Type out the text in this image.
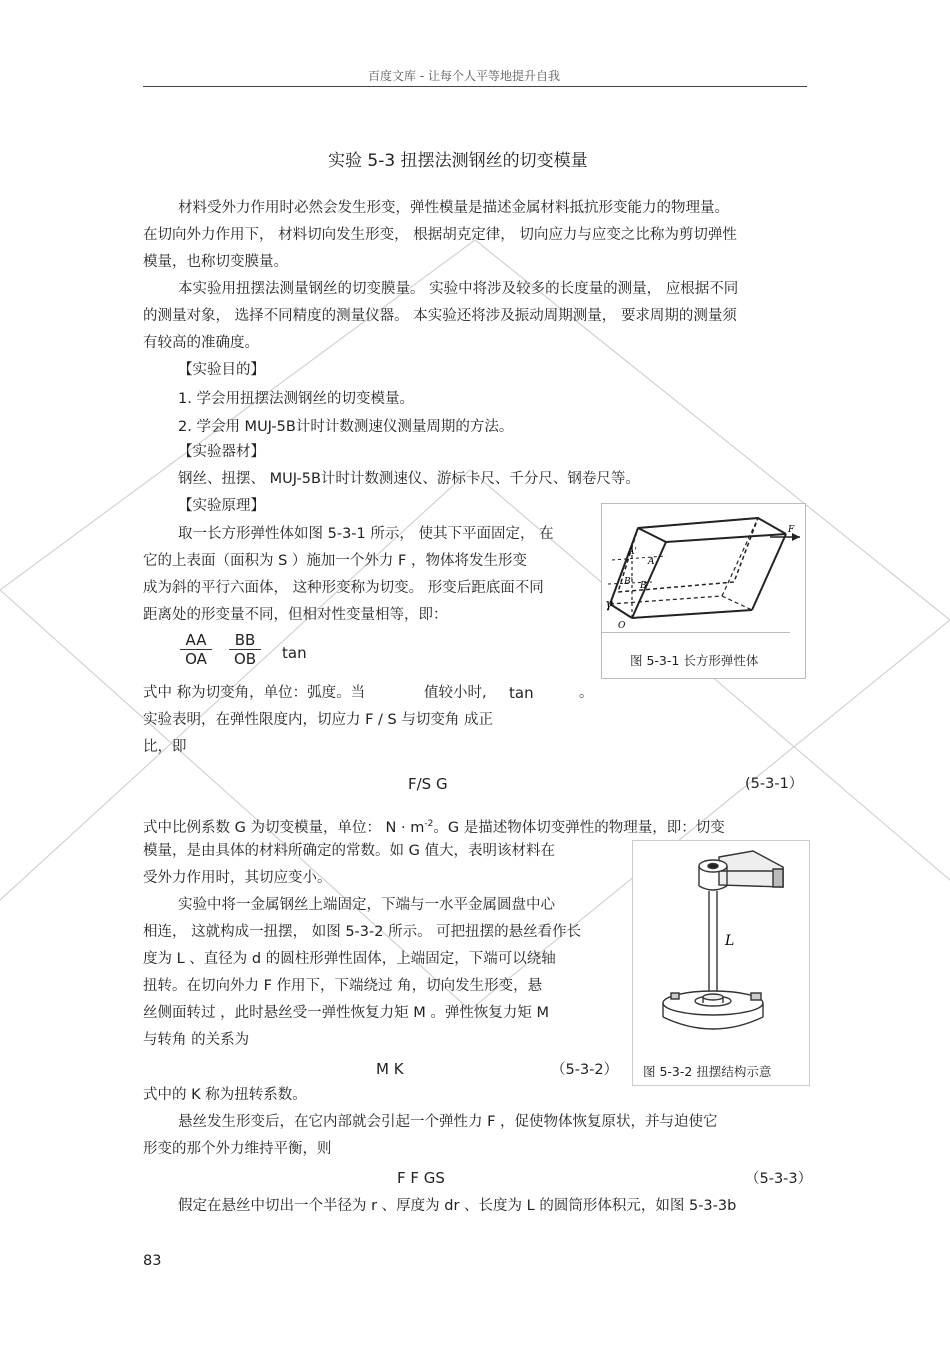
百度文库 - 让每个人平等地提升自我
实验 5-3 扭摆法测钢丝的切变模量
材料受外力作用时必然会发生形变，弹性模量是描述金属材料抵抗形变能力的物理量。
在切向外力作用下， 材料切向发生形变， 根据胡克定律， 切向应力与应变之比称为剪切弹性
模量，也称切变膜量。
本实验用扭摆法测量钢丝的切变膜量。 实验中将涉及较多的长度量的测量， 应根据不同
的测量对象， 选择不同精度的测量仪器。 本实验还将涉及振动周期测量， 要求周期的测量须
有较高的准确度。
【实验目的】
1. 学会用扭摆法测钢丝的切变模量。
2. 学会用 MUJ-5B计时计数测速仪测量周期的方法。
【实验器材】
钢丝、扭摆、 MUJ-5B计时计数测速仪、游标卡尺、千分尺、钢卷尺等。
【实验原理】
取一长方形弹性体如图 5-3-1 所示， 使其下平面固定， 在
它的上表面（面积为 S ）施加一个外力 F ，物体将发生形变
成为斜的平行六面体， 这种形变称为切变。 形变后距底面不同
距离处的形变量不同，但相对性变量相等，即：
$\frac{AA}{OA} \frac{BB}{OB}$ tan
式中 称为切变角，单位：弧度。当	值较小时, tan	。
实验表明，在弹性限度内，切应力 F / S 与切变角 成正
比，即
F/S G	(5-3-1）
式中比例系数 G 为切变模量，单位： $N \cdot m^{-2}$。G 是描述物体切变弹性的物理量，即：切变
模量，是由具体的材料所确定的常数。如 G 值大，表明该材料在
受外力作用时，其切应变小。
实验中将一金属钢丝上端固定，下端与一水平金属圆盘中心
相连， 这就构成一扭摆， 如图 5-3-2 所示。 可把扭摆的悬丝看作长
度为 L 、直径为 d 的圆柱形弹性固体，上端固定，下端可以绕轴
扭转。在切向外力 F 作用下，下端绕过 角，切向发生形变，悬
丝侧面转过 ，此时悬丝受一弹性恢复力矩 M 。弹性恢复力矩 M
与转角 的关系为
M K	（5-3-2）
式中的 K 称为扭转系数。
悬丝发生形变后，在它内部就会引起一个弹性力 F ，促使物体恢复原状，并与迫使它
形变的那个外力维持平衡，则
F F GS	（5-3-3）
假定在悬丝中切出一个半径为 r 、厚度为 dr 、长度为 L 的圆筒形体积元，如图 5-3-3b
83
A'
A
B' B
O
F
γ
图 5-3-1 长方形弹性体
L
图 5-3-2 扭摆结构示意
